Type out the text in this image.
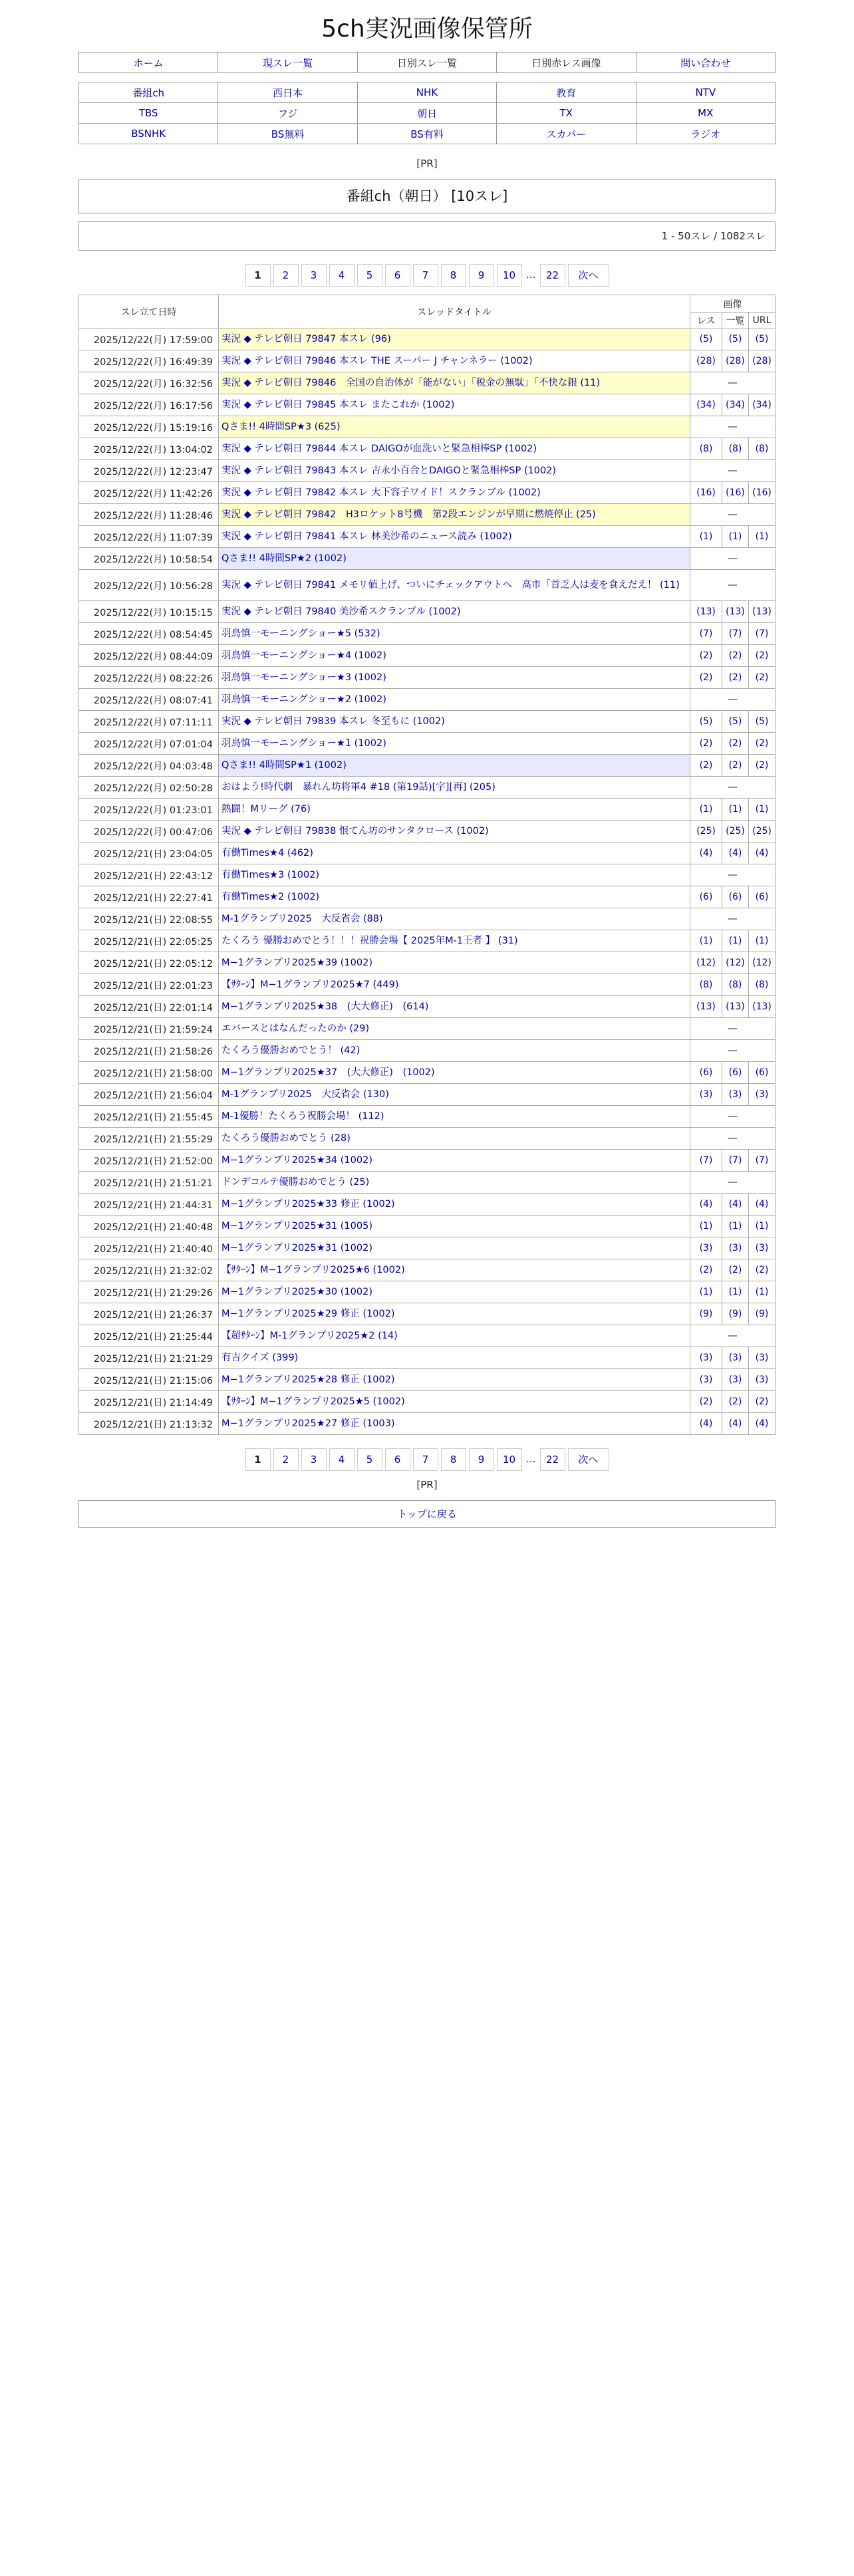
5ch実況画像保管所
ホーム	現スレ一覧	日別スレ一覧	日別赤レス画像	問い合わせ
番組ch	西日本	NHK	教育	NTV
TBS	フジ	朝日	TX	MX
BSNHK	BS無料	BS有料	スカパー	ラジオ
[PR]
番組ch（朝日） [10スレ]
1 - 50スレ / 1082スレ
1 2 3 4 5 6 7 8 9 10 … 22 次へ
スレ立て日時	スレッドタイトル	画像		
		レス	一覧	URL
2025/12/22(月) 17:59:00	実況 ◆ テレビ朝日 79847 本スレ (96)	(5)	(5)	(5)
2025/12/22(月) 16:49:39	実況 ◆ テレビ朝日 79846 本スレ THE スーパー J チャンネラー (1002)	(28)	(28)	(28)
2025/12/22(月) 16:32:56	実況 ◆ テレビ朝日 79846　全国の自治体が「能がない」「税金の無駄」「不快な銀 (11)	—		
2025/12/22(月) 16:17:56	実況 ◆ テレビ朝日 79845 本スレ またこれか (1002)	(34)	(34)	(34)
2025/12/22(月) 15:19:16	Qさま!! 4時間SP★3 (625)	—		
2025/12/22(月) 13:04:02	実況 ◆ テレビ朝日 79844 本スレ DAIGOが血洗いと緊急相棒SP (1002)	(8)	(8)	(8)
2025/12/22(月) 12:23:47	実況 ◆ テレビ朝日 79843 本スレ 吉永小百合とDAIGOと緊急相棒SP (1002)	—		
2025/12/22(月) 11:42:26	実況 ◆ テレビ朝日 79842 本スレ 大下容子ワイド！スクランブル (1002)	(16)	(16)	(16)
2025/12/22(月) 11:28:46	実況 ◆ テレビ朝日 79842　H3ロケット8号機　第2段エンジンが早期に燃焼停止 (25)	—		
2025/12/22(月) 11:07:39	実況 ◆ テレビ朝日 79841 本スレ 林美沙希のニュース読み (1002)	(1)	(1)	(1)
2025/12/22(月) 10:58:54	Qさま!! 4時間SP★2 (1002)	—		
2025/12/22(月) 10:56:28	実況 ◆ テレビ朝日 79841 メモリ値上げ、ついにチェックアウトへ　高市「首乏人は麦を食えだえ！ (11)	—		
2025/12/22(月) 10:15:15	実況 ◆ テレビ朝日 79840 美沙希スクランブル (1002)	(13)	(13)	(13)
2025/12/22(月) 08:54:45	羽鳥慎一モーニングショー★5 (532)	(7)	(7)	(7)
2025/12/22(月) 08:44:09	羽鳥慎一モーニングショー★4 (1002)	(2)	(2)	(2)
2025/12/22(月) 08:22:26	羽鳥慎一モーニングショー★3 (1002)	(2)	(2)	(2)
2025/12/22(月) 08:07:41	羽鳥慎一モーニングショー★2 (1002)	—		
2025/12/22(月) 07:11:11	実況 ◆ テレビ朝日 79839 本スレ 冬至もに (1002)	(5)	(5)	(5)
2025/12/22(月) 07:01:04	羽鳥慎一モーニングショー★1 (1002)	(2)	(2)	(2)
2025/12/22(月) 04:03:48	Qさま!! 4時間SP★1 (1002)	(2)	(2)	(2)
2025/12/22(月) 02:50:28	おはよう!時代劇　暴れん坊将軍4 #18 (第19話)[字][再] (205)	—		
2025/12/22(月) 01:23:01	熱闘！Mリーグ (76)	(1)	(1)	(1)
2025/12/22(月) 00:47:06	実況 ◆ テレビ朝日 79838 恨てん坊のサンタクロース (1002)	(25)	(25)	(25)
2025/12/21(日) 23:04:05	有働Times★4 (462)	(4)	(4)	(4)
2025/12/21(日) 22:43:12	有働Times★3 (1002)	—		
2025/12/21(日) 22:27:41	有働Times★2 (1002)	(6)	(6)	(6)
2025/12/21(日) 22:08:55	M-1グランプリ2025　大反省会 (88)	—		
2025/12/21(日) 22:05:25	たくろう 優勝おめでとう！！！祝勝会場【 2025年M-1王者 】 (31)	(1)	(1)	(1)
2025/12/21(日) 22:05:12	M−1グランプリ2025★39 (1002)	(12)	(12)	(12)
2025/12/21(日) 22:01:23	【ｻﾀｰﾝ】M−1グランプリ2025★7 (449)	(8)	(8)	(8)
2025/12/21(日) 22:01:14	M−1グランプリ2025★38　(大大修正)　(614)	(13)	(13)	(13)
2025/12/21(日) 21:59:24	エバースとはなんだったのか (29)	—		
2025/12/21(日) 21:58:26	たくろう優勝おめでとう！ (42)	—		
2025/12/21(日) 21:58:00	M−1グランプリ2025★37　(大大修正)　(1002)	(6)	(6)	(6)
2025/12/21(日) 21:56:04	M-1グランプリ2025　大反省会 (130)	(3)	(3)	(3)
2025/12/21(日) 21:55:45	M-1優勝！たくろう祝勝会場！ (112)	—		
2025/12/21(日) 21:55:29	たくろう優勝おめでとう (28)	—		
2025/12/21(日) 21:52:00	M−1グランプリ2025★34 (1002)	(7)	(7)	(7)
2025/12/21(日) 21:51:21	ドンデコルテ優勝おめでとう (25)	—		
2025/12/21(日) 21:44:31	M−1グランプリ2025★33 修正 (1002)	(4)	(4)	(4)
2025/12/21(日) 21:40:48	M−1グランプリ2025★31 (1005)	(1)	(1)	(1)
2025/12/21(日) 21:40:40	M−1グランプリ2025★31 (1002)	(3)	(3)	(3)
2025/12/21(日) 21:32:02	【ｻﾀｰﾝ】M−1グランプリ2025★6 (1002)	(2)	(2)	(2)
2025/12/21(日) 21:29:26	M−1グランプリ2025★30 (1002)	(1)	(1)	(1)
2025/12/21(日) 21:26:37	M−1グランプリ2025★29 修正 (1002)	(9)	(9)	(9)
2025/12/21(日) 21:25:44	【超ｻﾀｰﾝ】M-1グランプリ2025★2 (14)	—		
2025/12/21(日) 21:21:29	有吉クイズ (399)	(3)	(3)	(3)
2025/12/21(日) 21:15:06	M−1グランプリ2025★28 修正 (1002)	(3)	(3)	(3)
2025/12/21(日) 21:14:49	【ｻﾀｰﾝ】M−1グランプリ2025★5 (1002)	(2)	(2)	(2)
2025/12/21(日) 21:13:32	M−1グランプリ2025★27 修正 (1003)	(4)	(4)	(4)
1 2 3 4 5 6 7 8 9 10 … 22 次へ
[PR]
トップに戻る
